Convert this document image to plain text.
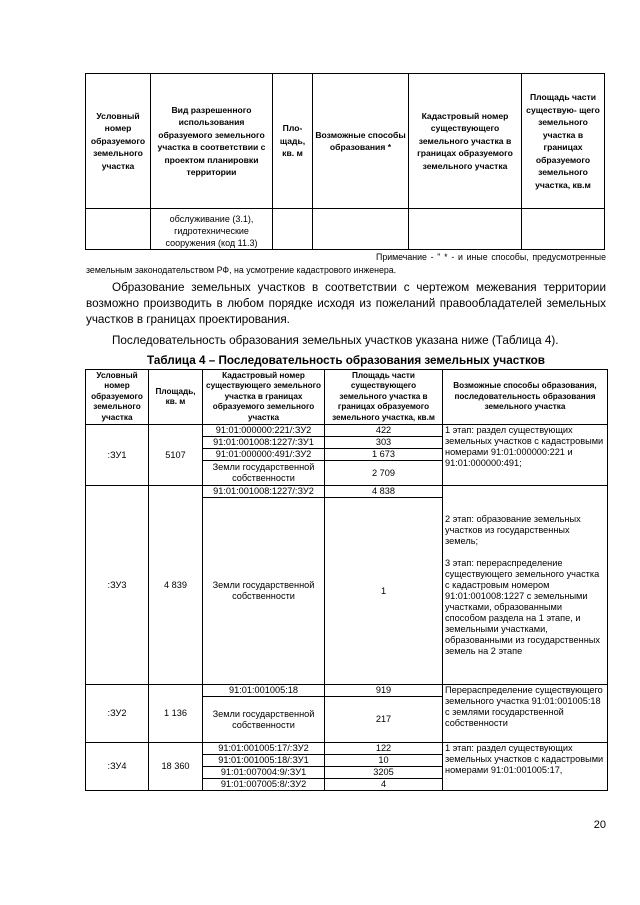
Условный номер образуемого земельного участка	Вид разрешенного использования образуемого земельного участка в соответствии с проектом планировки территории	Пло- щадь, кв. м	Возможные способы образования *	Кадастровый номер существующего земельного участка в границах образуемого земельного участка	Площадь части существую- щего земельного участка в границах образуемого земельного участка, кв.м
	обслуживание (3.1), гидротехнические сооружения (код 11.3)				
Примечание - " * - и иные способы, предусмотренные земельным законодательством РФ, на усмотрение кадастрового инженера.
Образование земельных участков в соответствии с чертежом межевания территории возможно производить в любом порядке исходя из пожеланий правообладателей земельных участков в границах проектирования.
Последовательность образования земельных участков указана ниже (Таблица 4).
Таблица 4 – Последовательность образования земельных участков
Условный номер образуемого земельного участка	Площадь, кв. м	Кадастровый номер существующего земельного участка в границах образуемого земельного участка	Площадь части существующего земельного участка в границах образуемого земельного участка, кв.м	Возможные способы образования, последовательность образования земельного участка
:ЗУ1	5107	91:01:000000:221/:ЗУ2	422	1 этап: раздел существующих земельных участков с кадастровыми номерами 91:01:000000:221 и 91:01:000000:491;
		91:01:001008:1227/:ЗУ1	303	
		91:01:000000:491/:ЗУ2	1 673	
		Земли государственной собственности	2 709	
:ЗУ3	4 839	91:01:001008:1227/:ЗУ2	4 838	2 этап: образование земельных участков из государственных земель;
3 этап: перераспределение существующего земельного участка с кадастровым номером 91:01:001008:1227 с земельными участками, образованными способом раздела на 1 этапе, и земельными участками, образованными из государственных земель на 2 этапе

		Земли государственной собственности	1	
:ЗУ2	1 136	91:01:001005:18	919	Перераспределение существующего земельного участка 91:01:001005:18 с землями государственной собственности
		Земли государственной собственности	217	
:ЗУ4	18 360	91:01:001005:17/:ЗУ2	122	1 этап: раздел существующих земельных участков с кадастровыми номерами 91:01:001005:17,
		91:01:001005:18/:ЗУ1	10	
		91:01:007004:9/:ЗУ1	3205	
		91:01:007005:8/:ЗУ2	4	
20
